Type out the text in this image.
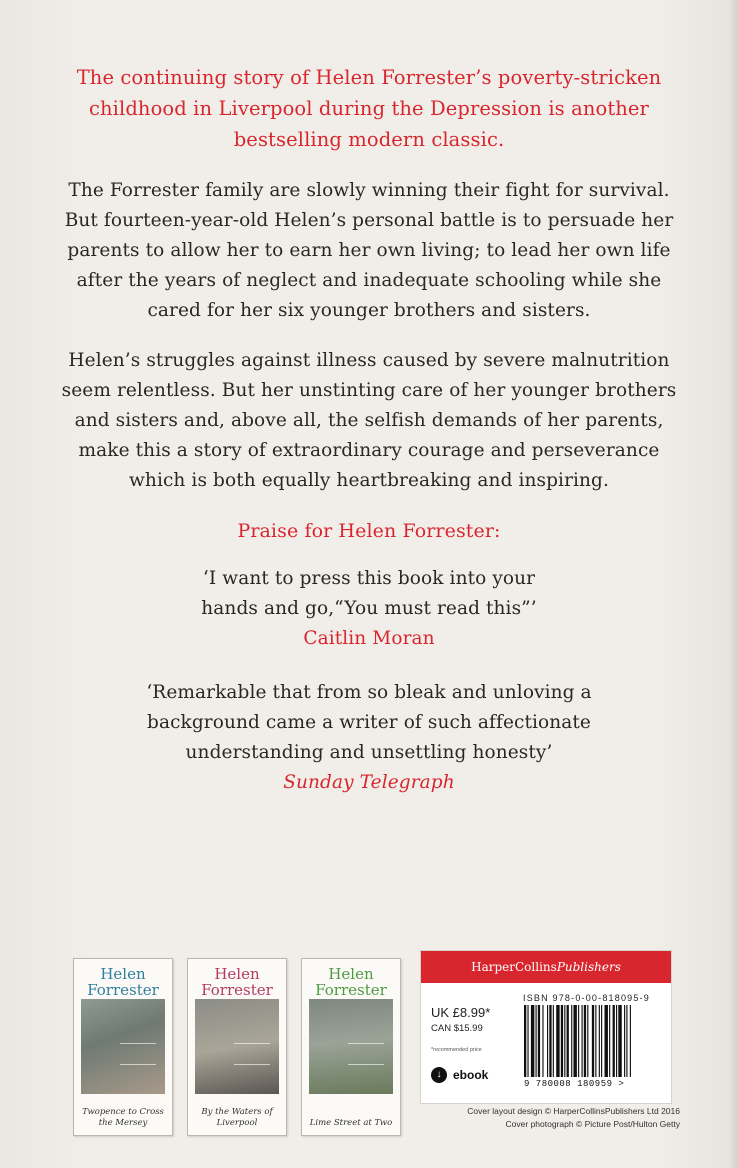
The continuing story of Helen Forrester’s poverty-stricken
childhood in Liverpool during the Depression is another
bestselling modern classic.

The Forrester family are slowly winning their fight for survival.
But fourteen-year-old Helen’s personal battle is to persuade her
parents to allow her to earn her own living; to lead her own life
after the years of neglect and inadequate schooling while she
cared for her six younger brothers and sisters.

Helen’s struggles against illness caused by severe malnutrition
seem relentless. But her unstinting care of her younger brothers
and sisters and, above all, the selfish demands of her parents,
make this a story of extraordinary courage and perseverance
which is both equally heartbreaking and inspiring.

Praise for Helen Forrester:

‘I want to press this book into your
hands and go,“You must read this”’
Caitlin Moran

‘Remarkable that from so bleak and unloving a
background came a writer of such affectionate
understanding and unsettling honesty’
Sunday Telegraph

Helen
Forrester
Twopence to Cross
the Mersey
Helen
Forrester
By the Waters of
Liverpool
Helen
Forrester
Lime Street at Two
HarperCollins Publishers
ISBN 978-0-00-818095-9
UK £8.99*
CAN $15.99
*recommended price
↓ ebook
9 780008 180959 >
Cover layout design © HarperCollinsPublishers Ltd 2016
Cover photograph © Picture Post/Hulton Getty
